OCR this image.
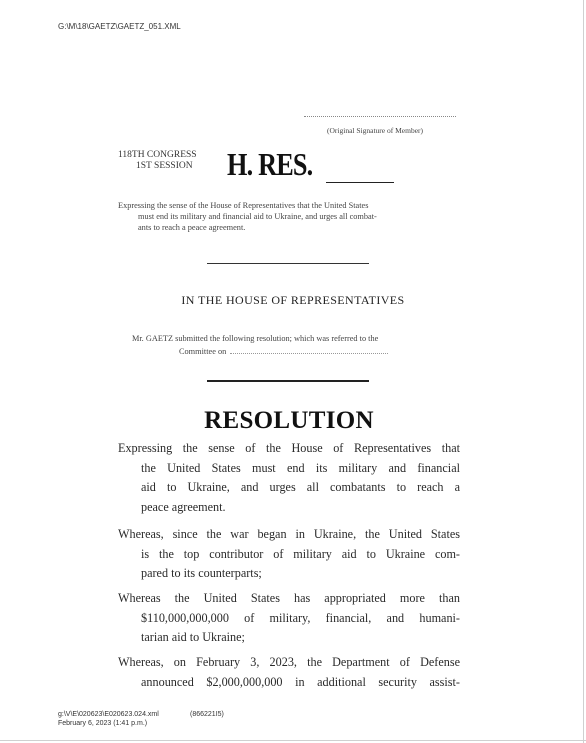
G:\M\18\GAETZ\GAETZ_051.XML
(Original Signature of Member)
118TH CONGRESS
1ST SESSION H. RES.
Expressing the sense of the House of Representatives that the United States
must end its military and financial aid to Ukraine, and urges all combat-
ants to reach a peace agreement.
IN THE HOUSE OF REPRESENTATIVES
Mr. GAETZ submitted the following resolution; which was referred to the
Committee on
RESOLUTION
Expressing the sense of the House of Representatives that
the United States must end its military and financial
aid to Ukraine, and urges all combatants to reach a
peace agreement.
Whereas, since the war began in Ukraine, the United States
is the top contributor of military aid to Ukraine com-
pared to its counterparts;
Whereas the United States has appropriated more than
$110,000,000,000 of military, financial, and humani-
tarian aid to Ukraine;
Whereas, on February 3, 2023, the Department of Defense
announced $2,000,000,000 in additional security assist-
g:\V\E\020623\E020623.024.xml	(866221I5)
February 6, 2023 (1:41 p.m.)
